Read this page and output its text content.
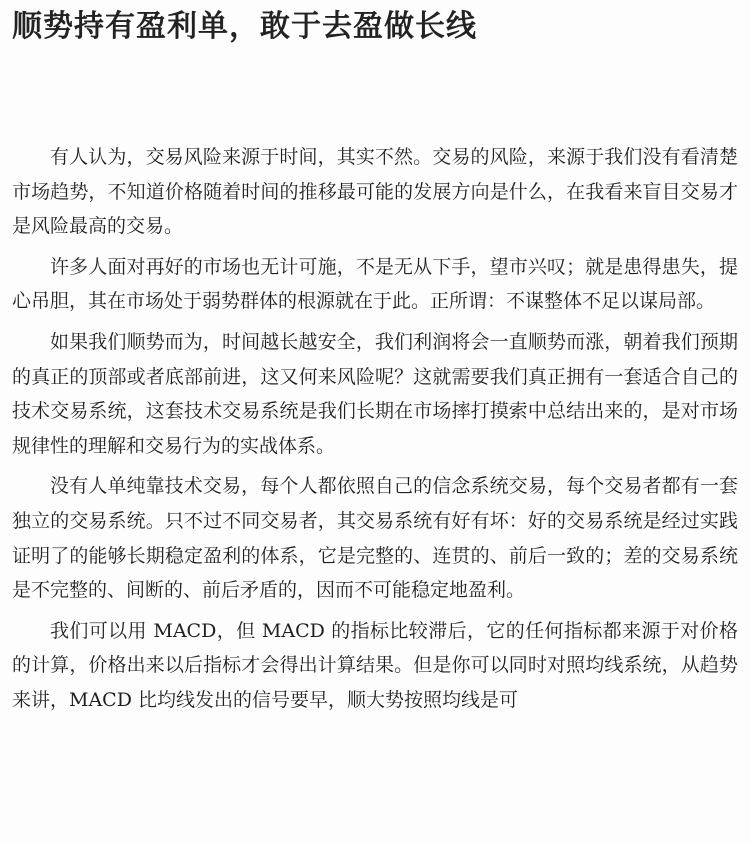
顺势持有盈利单，敢于去盈做长线

有人认为，交易风险来源于时间，其实不然。交易的风险，来源于我们没有看清楚市场趋势，不知道价格随着时间的推移最可能的发展方向是什么，在我看来盲目交易才是风险最高的交易。

许多人面对再好的市场也无计可施，不是无从下手，望市兴叹；就是患得患失，提心吊胆，其在市场处于弱势群体的根源就在于此。正所谓：不谋整体不足以谋局部。

如果我们顺势而为，时间越长越安全，我们利润将会一直顺势而涨，朝着我们预期的真正的顶部或者底部前进，这又何来风险呢？这就需要我们真正拥有一套适合自己的技术交易系统，这套技术交易系统是我们长期在市场摔打摸索中总结出来的，是对市场规律性的理解和交易行为的实战体系。

没有人单纯靠技术交易，每个人都依照自己的信念系统交易，每个交易者都有一套独立的交易系统。只不过不同交易者，其交易系统有好有坏：好的交易系统是经过实践证明了的能够长期稳定盈利的体系，它是完整的、连贯的、前后一致的；差的交易系统是不完整的、间断的、前后矛盾的，因而不可能稳定地盈利。

我们可以用 MACD，但 MACD 的指标比较滞后，它的任何指标都来源于对价格的计算，价格出来以后指标才会得出计算结果。但是你可以同时对照均线系统，从趋势来讲，MACD 比均线发出的信号要早，顺大势按照均线是可
